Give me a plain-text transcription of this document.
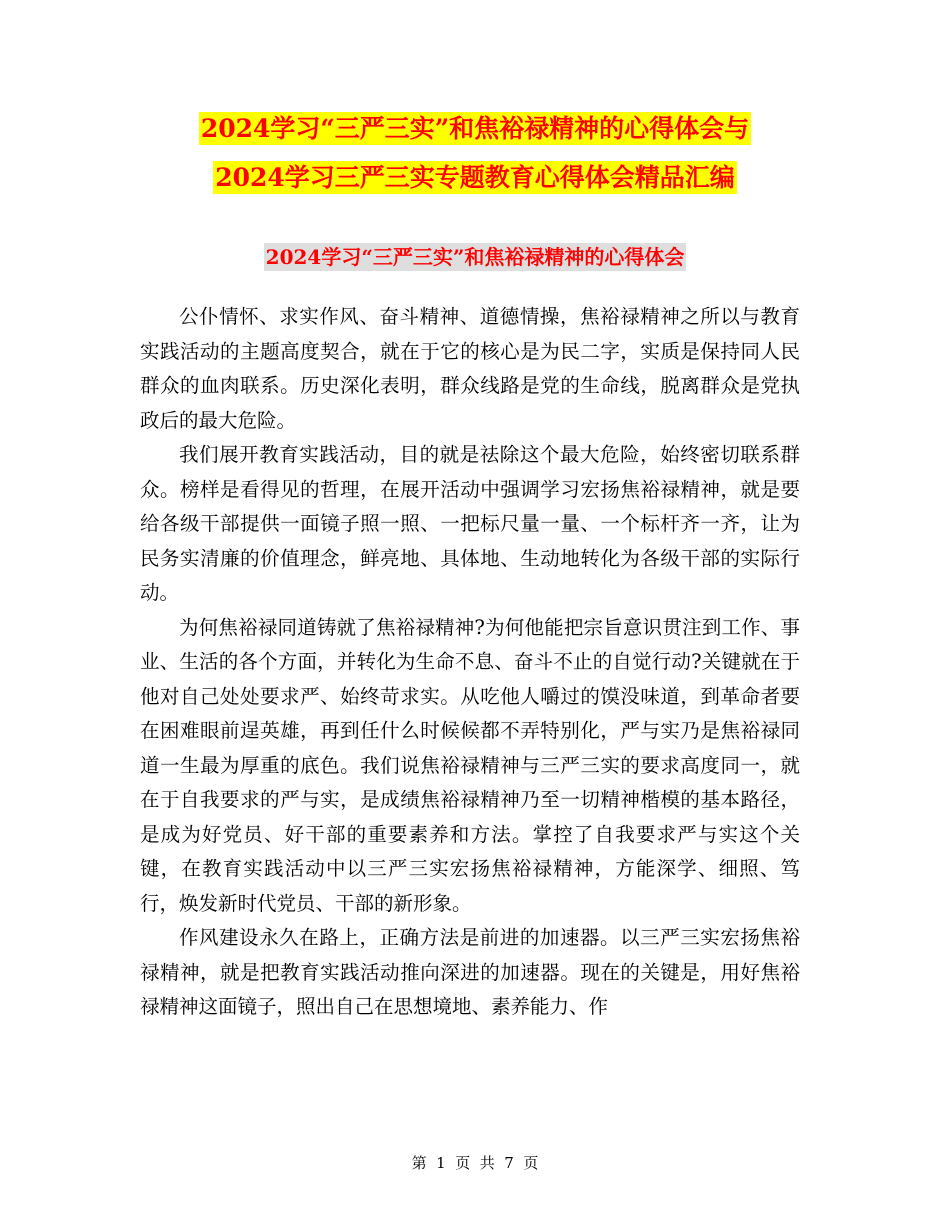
2024学习“三严三实”和焦裕禄精神的心得体会与
2024学习三严三实专题教育心得体会精品汇编
2024学习“三严三实”和焦裕禄精神的心得体会

公仆情怀、求实作风、奋斗精神、道德情操，焦裕禄精神之所以与教育实践活动的主题高度契合，就在于它的核心是为民二字，实质是保持同人民群众的血肉联系。历史深化表明，群众线路是党的生命线，脱离群众是党执政后的最大危险。

我们展开教育实践活动，目的就是祛除这个最大危险，始终密切联系群众。榜样是看得见的哲理，在展开活动中强调学习宏扬焦裕禄精神，就是要给各级干部提供一面镜子照一照、一把标尺量一量、一个标杆齐一齐，让为民务实清廉的价值理念，鲜亮地、具体地、生动地转化为各级干部的实际行动。

为何焦裕禄同道铸就了焦裕禄精神?为何他能把宗旨意识贯注到工作、事业、生活的各个方面，并转化为生命不息、奋斗不止的自觉行动?关键就在于他对自己处处要求严、始终苛求实。从吃他人嚼过的馍没味道，到革命者要在困难眼前逞英雄，再到任什么时候候都不弄特别化，严与实乃是焦裕禄同道一生最为厚重的底色。我们说焦裕禄精神与三严三实的要求高度同一，就在于自我要求的严与实，是成绩焦裕禄精神乃至一切精神楷模的基本路径，是成为好党员、好干部的重要素养和方法。掌控了自我要求严与实这个关键，在教育实践活动中以三严三实宏扬焦裕禄精神，方能深学、细照、笃行，焕发新时代党员、干部的新形象。

作风建设永久在路上，正确方法是前进的加速器。以三严三实宏扬焦裕禄精神，就是把教育实践活动推向深进的加速器。现在的关键是，用好焦裕禄精神这面镜子，照出自己在思想境地、素养能力、作

第  1  页  共  7  页
